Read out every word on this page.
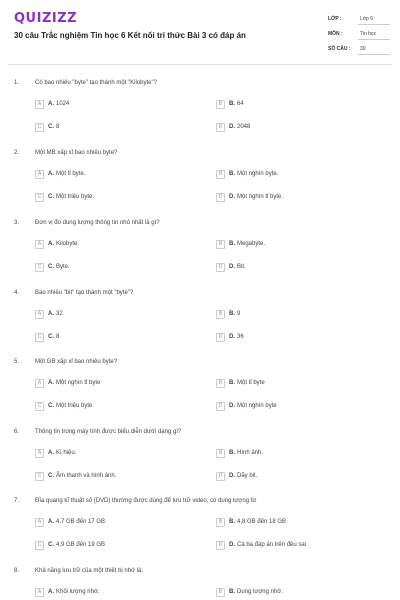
QUIZIZZ
30 câu Trắc nghiệm Tin học 6 Kết nối tri thức Bài 3 có đáp án
LỚP :	Lớp 6
MÔN :	Tin học
SỐ CÂU : 30
1.	Có bao nhiêu "byte" tạo thành một "Kilobyte"?
A	A. 1024	B	B. 64
C	C. 8	D	D. 2048
2.	Một MB xấp xỉ bao nhiêu byte?
A	A. Một tỉ byte.	B	B. Một nghìn byte.
C	C. Một triệu byte.	D	D. Một nghìn tỉ byte.
3.	Đơn vị đo dung lượng thông tin nhỏ nhất là gì?
A	A. Kilobyte.	B	B. Megabyte.
C	C. Byte.	D	D. Bit.
4.	Bao nhiêu "bit" tạo thành một "byte"?
A	A. 32	B	B. 9
C	C. 8	D	D. 36
5.	Một GB xấp xỉ bao nhiêu byte?
A	A. Một nghìn tỉ byte	B	B. Một tỉ byte
C	C. Một triệu byte	D	D. Một nghìn byte
6.	Thông tin trong máy tính được biểu diễn dưới dạng gì?
A	A. Kí hiệu.	B	B. Hình ảnh.
C	C. Âm thanh và hình ảnh.	D	D. Dãy bit.
7.	Đĩa quang kĩ thuật số (DVD) thường được dùng để lưu trữ video, có dung lượng từ
A	A. 4,7 GB đến 17 GB	B	B. 4,8 GB đến 18 GB
C	C. 4,9 GB đến 19 GB	D	D. Cả ba đáp án trên đều sai
8.	Khả năng lưu trữ của một thiết bị nhớ là:
A	A. Khối lượng nhớ.	B	B. Dung lượng nhớ.
